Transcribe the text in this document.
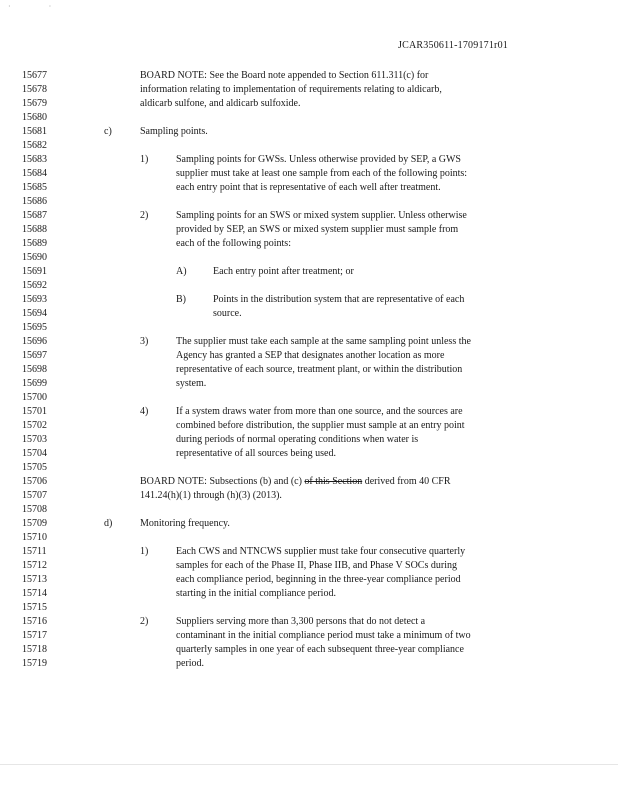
· ·
JCAR350611-1709171r01
15677	BOARD NOTE: See the Board note appended to Section 611.311(c) for
15678	information relating to implementation of requirements relating to aldicarb,
15679	aldicarb sulfone, and aldicarb sulfoxide.
15680
15681	c)	Sampling points.
15682
15683	1)	Sampling points for GWSs. Unless otherwise provided by SEP, a GWS
15684	supplier must take at least one sample from each of the following points:
15685	each entry point that is representative of each well after treatment.
15686
15687	2)	Sampling points for an SWS or mixed system supplier. Unless otherwise
15688	provided by SEP, an SWS or mixed system supplier must sample from
15689	each of the following points:
15690
15691	A)	Each entry point after treatment; or
15692
15693	B)	Points in the distribution system that are representative of each
15694	source.
15695
15696	3)	The supplier must take each sample at the same sampling point unless the
15697	Agency has granted a SEP that designates another location as more
15698	representative of each source, treatment plant, or within the distribution
15699	system.
15700
15701	4)	If a system draws water from more than one source, and the sources are
15702	combined before distribution, the supplier must sample at an entry point
15703	during periods of normal operating conditions when water is
15704	representative of all sources being used.
15705
15706	BOARD NOTE: Subsections (b) and (c) of this Section derived from 40 CFR
15707	141.24(h)(1) through (h)(3) (2013).
15708
15709	d)	Monitoring frequency.
15710
15711	1)	Each CWS and NTNCWS supplier must take four consecutive quarterly
15712	samples for each of the Phase II, Phase IIB, and Phase V SOCs during
15713	each compliance period, beginning in the three-year compliance period
15714	starting in the initial compliance period.
15715
15716	2)	Suppliers serving more than 3,300 persons that do not detect a
15717	contaminant in the initial compliance period must take a minimum of two
15718	quarterly samples in one year of each subsequent three-year compliance
15719	period.
